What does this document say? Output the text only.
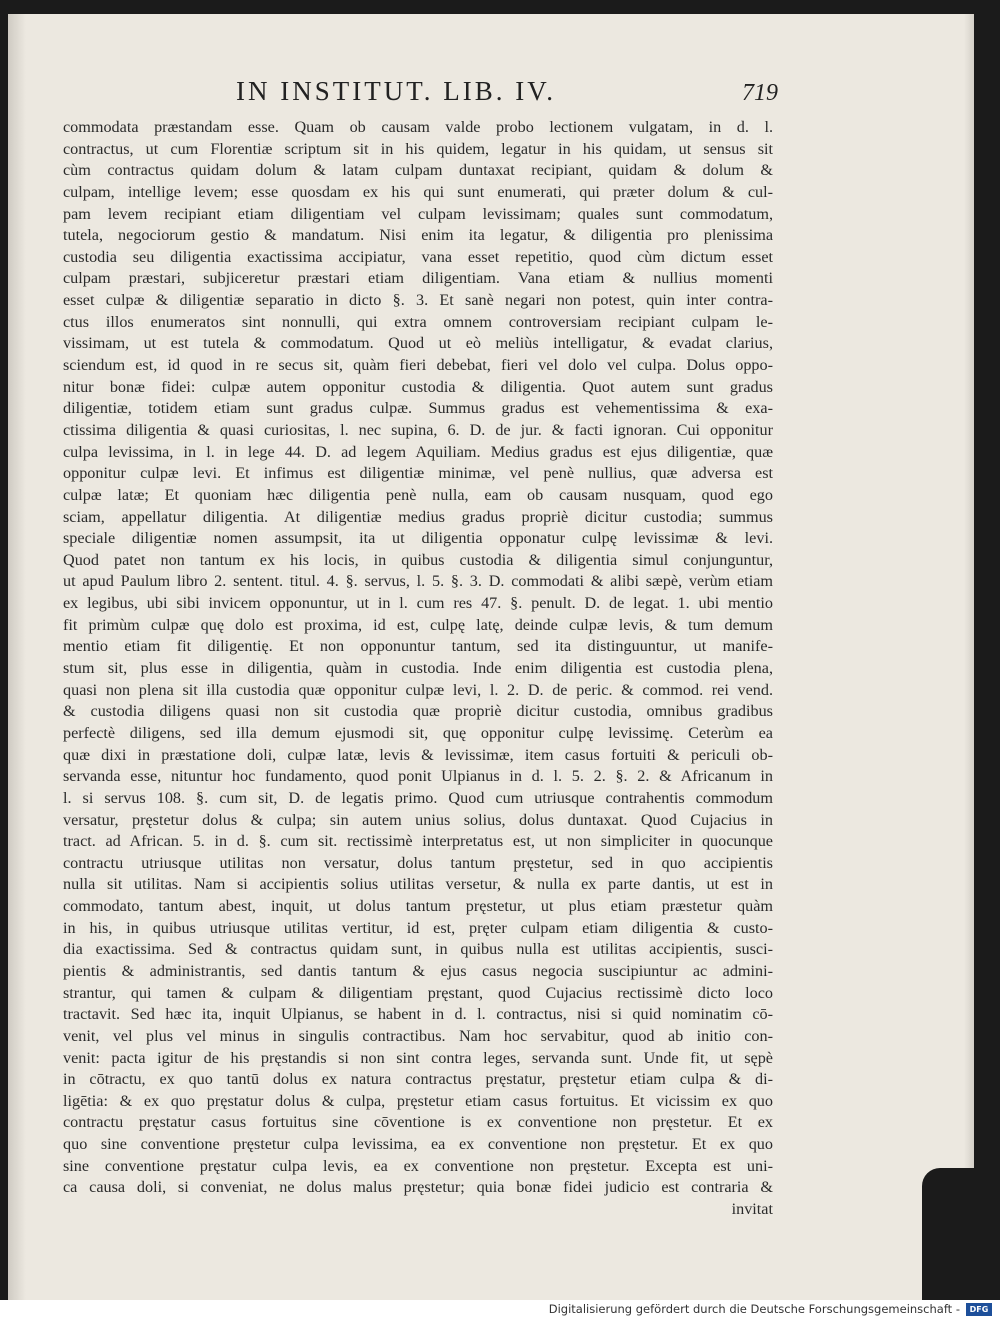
IN INSTITUT. LIB. IV.	719
commodata præstandam esse. Quam ob causam valde probo lectionem vulgatam, in d. l.
contractus, ut cum Florentiæ scriptum sit in his quidem, legatur in his quidam, ut sensus sit
cùm contractus quidam dolum & latam culpam duntaxat recipiant, quidam & dolum &
culpam, intellige levem; esse quosdam ex his qui sunt enumerati, qui præter dolum & cul-
pam levem recipiant etiam diligentiam vel culpam levissimam; quales sunt commodatum,
tutela, negociorum gestio & mandatum. Nisi enim ita legatur, & diligentia pro plenissima
custodia seu diligentia exactissima accipiatur, vana esset repetitio, quod cùm dictum esset
culpam præstari, subjiceretur præstari etiam diligentiam. Vana etiam & nullius momenti
esset culpæ & diligentiæ separatio in dicto §. 3. Et sanè negari non potest, quin inter contra-
ctus illos enumeratos sint nonnulli, qui extra omnem controversiam recipiant culpam le-
vissimam, ut est tutela & commodatum. Quod ut eò meliùs intelligatur, & evadat clarius,
sciendum est, id quod in re secus sit, quàm fieri debebat, fieri vel dolo vel culpa. Dolus oppo-
nitur bonæ fidei: culpæ autem opponitur custodia & diligentia. Quot autem sunt gradus
diligentiæ, totidem etiam sunt gradus culpæ. Summus gradus est vehementissima & exa-
ctissima diligentia & quasi curiositas, l. nec supina, 6. D. de jur. & facti ignoran. Cui opponitur
culpa levissima, in l. in lege 44. D. ad legem Aquiliam. Medius gradus est ejus diligentiæ, quæ
opponitur culpæ levi. Et infimus est diligentiæ minimæ, vel penè nullius, quæ adversa est
culpæ latæ; Et quoniam hæc diligentia penè nulla, eam ob causam nusquam, quod ego
sciam, appellatur diligentia. At diligentiæ medius gradus propriè dicitur custodia; summus
speciale diligentiæ nomen assumpsit, ita ut diligentia opponatur culpę levissimæ & levi.
Quod patet non tantum ex his locis, in quibus custodia & diligentia simul conjunguntur,
ut apud Paulum libro 2. sentent. titul. 4. §. servus, l. 5. §. 3. D. commodati & alibi sæpè, verùm etiam
ex legibus, ubi sibi invicem opponuntur, ut in l. cum res 47. §. penult. D. de legat. 1. ubi mentio
fit primùm culpæ quę dolo est proxima, id est, culpę latę, deinde culpæ levis, & tum demum
mentio etiam fit diligentię. Et non opponuntur tantum, sed ita distinguuntur, ut manife-
stum sit, plus esse in diligentia, quàm in custodia. Inde enim diligentia est custodia plena,
quasi non plena sit illa custodia quæ opponitur culpæ levi, l. 2. D. de peric. & commod. rei vend.
& custodia diligens quasi non sit custodia quæ propriè dicitur custodia, omnibus gradibus
perfectè diligens, sed illa demum ejusmodi sit, quę opponitur culpę levissimę. Ceterùm ea
quæ dixi in præstatione doli, culpæ latæ, levis & levissimæ, item casus fortuiti & periculi ob-
servanda esse, nituntur hoc fundamento, quod ponit Ulpianus in d. l. 5. 2. §. 2. & Africanum in
l. si servus 108. §. cum sit, D. de legatis primo. Quod cum utriusque contrahentis commodum
versatur, pręstetur dolus & culpa; sin autem unius solius, dolus duntaxat. Quod Cujacius in
tract. ad African. 5. in d. §. cum sit. rectissimè interpretatus est, ut non simpliciter in quocunque
contractu utriusque utilitas non versatur, dolus tantum pręstetur, sed in quo accipientis
nulla sit utilitas. Nam si accipientis solius utilitas versetur, & nulla ex parte dantis, ut est in
commodato, tantum abest, inquit, ut dolus tantum pręstetur, ut plus etiam præstetur quàm
in his, in quibus utriusque utilitas vertitur, id est, pręter culpam etiam diligentia & custo-
dia exactissima. Sed & contractus quidam sunt, in quibus nulla est utilitas accipientis, susci-
pientis & administrantis, sed dantis tantum & ejus casus negocia suscipiuntur ac admini-
strantur, qui tamen & culpam & diligentiam pręstant, quod Cujacius rectissimè dicto loco
tractavit. Sed hæc ita, inquit Ulpianus, se habent in d. l. contractus, nisi si quid nominatim cō-
venit, vel plus vel minus in singulis contractibus. Nam hoc servabitur, quod ab initio con-
venit: pacta igitur de his pręstandis si non sint contra leges, servanda sunt. Unde fit, ut sępè
in cōtractu, ex quo tantū dolus ex natura contractus pręstatur, pręstetur etiam culpa & di-
ligētia: & ex quo pręstatur dolus & culpa, pręstetur etiam casus fortuitus. Et vicissim ex quo
contractu pręstatur casus fortuitus sine cōventione is ex conventione non pręstetur. Et ex
quo sine conventione pręstetur culpa levissima, ea ex conventione non pręstetur. Et ex quo
sine conventione pręstatur culpa levis, ea ex conventione non pręstetur. Excepta est uni-
ca causa doli, si conveniat, ne dolus malus pręstetur; quia bonæ fidei judicio est contraria &
invitat
Digitalisierung gefördert durch die Deutsche Forschungsgemeinschaft -	DFG
